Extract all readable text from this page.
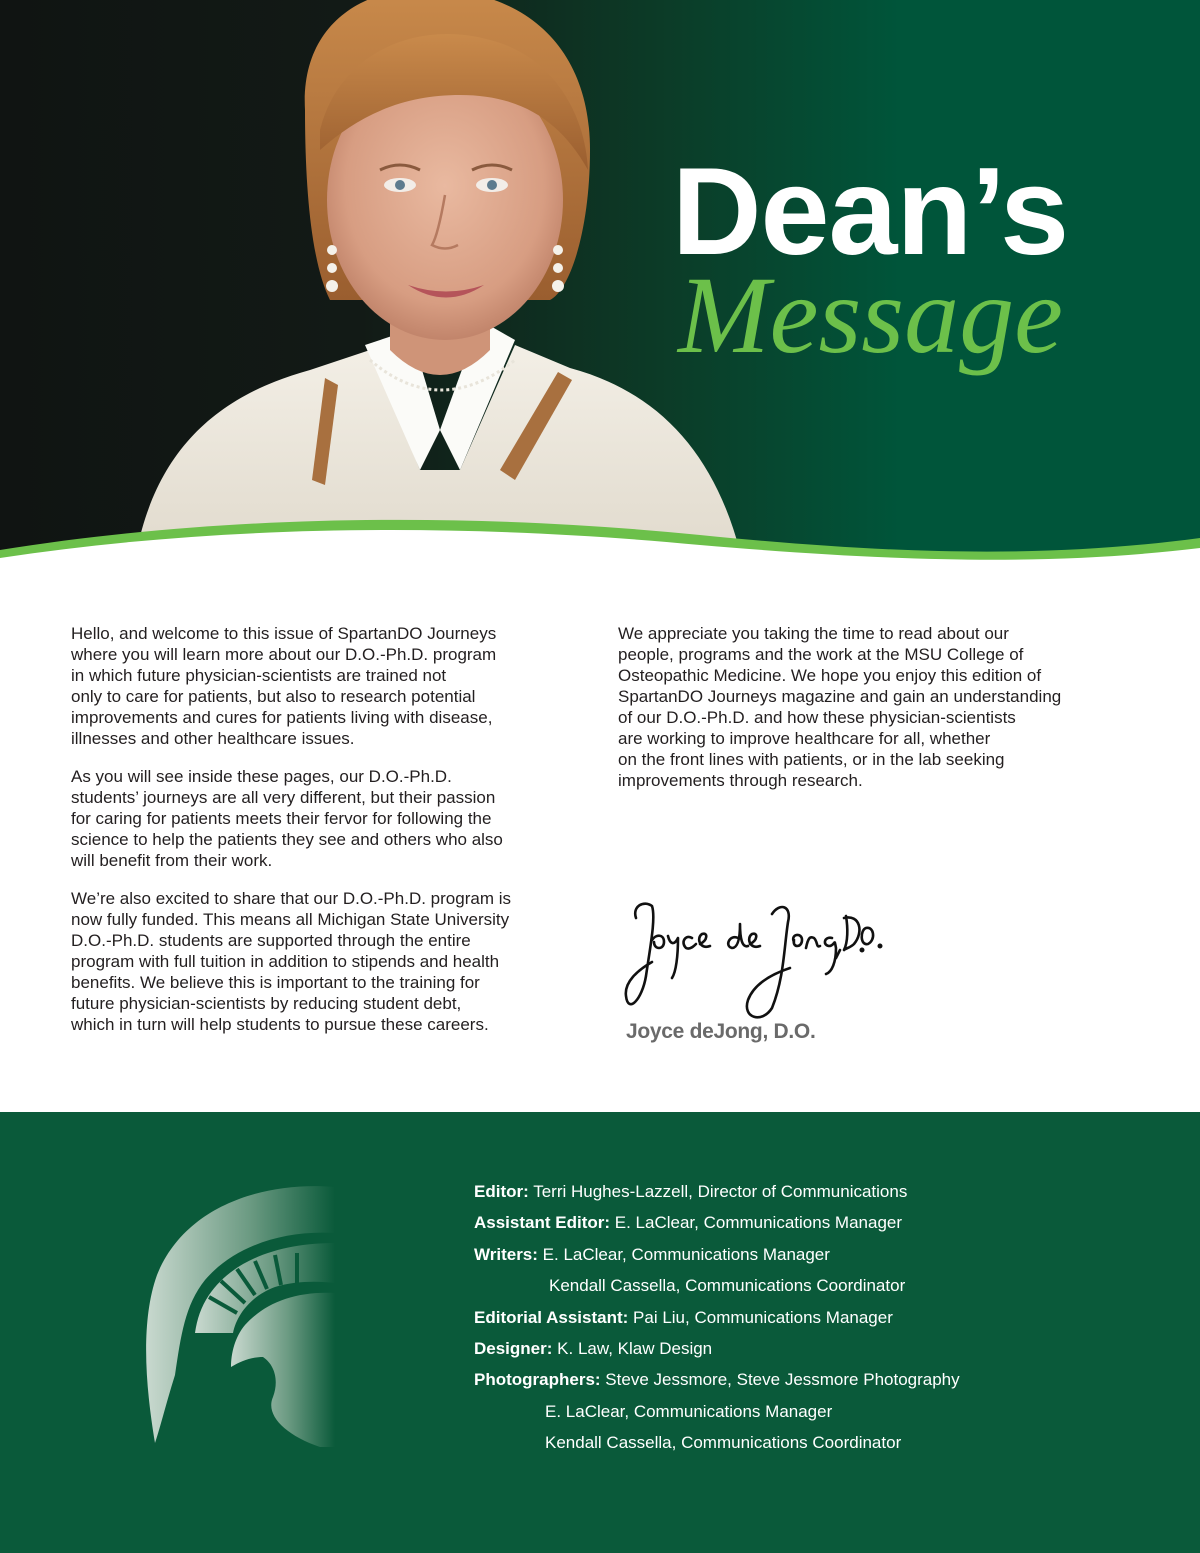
Dean’s
Message

Hello, and welcome to this issue of SpartanDO Journeys
where you will learn more about our D.O.-Ph.D. program
in which future physician-scientists are trained not
only to care for patients, but also to research potential
improvements and cures for patients living with disease,
illnesses and other healthcare issues.

As you will see inside these pages, our D.O.-Ph.D.
students’ journeys are all very different, but their passion
for caring for patients meets their fervor for following the
science to help the patients they see and others who also
will benefit from their work.

We’re also excited to share that our D.O.-Ph.D. program is
now fully funded. This means all Michigan State University
D.O.-Ph.D. students are supported through the entire
program with full tuition in addition to stipends and health
benefits. We believe this is important to the training for
future physician-scientists by reducing student debt,
which in turn will help students to pursue these careers.

We appreciate you taking the time to read about our
people, programs and the work at the MSU College of
Osteopathic Medicine. We hope you enjoy this edition of
SpartanDO Journeys magazine and gain an understanding
of our D.O.-Ph.D. and how these physician-scientists
are working to improve healthcare for all, whether
on the front lines with patients, or in the lab seeking
improvements through research.

Joyce deJong, D.O.
Editor: Terri Hughes-Lazzell, Director of Communications
Assistant Editor: E. LaClear, Communications Manager
Writers: E. LaClear, Communications Manager
Kendall Cassella, Communications Coordinator
Editorial Assistant: Pai Liu, Communications Manager
Designer: K. Law, Klaw Design
Photographers: Steve Jessmore, Steve Jessmore Photography
E. LaClear, Communications Manager
Kendall Cassella, Communications Coordinator
